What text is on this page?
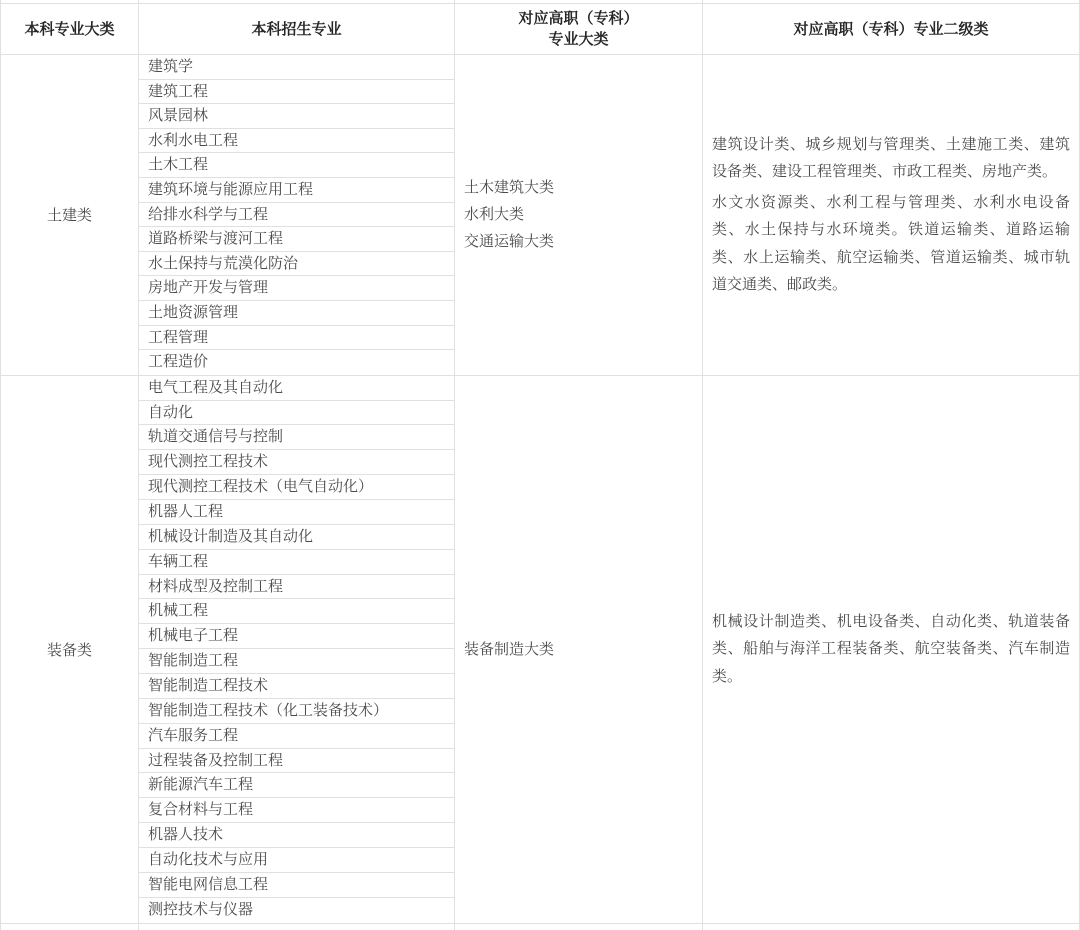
本科专业大类	本科招生专业
对应高职（专科）
专业大类
对应高职（专科）专业二级类
土建类
建筑学
建筑工程
风景园林
水利水电工程
土木工程
建筑环境与能源应用工程
给排水科学与工程
道路桥梁与渡河工程
水土保持与荒漠化防治
房地产开发与管理
土地资源管理
工程管理
工程造价
土木建筑大类
水利大类
交通运输大类

建筑设计类、城乡规划与管理类、土建施工类、建筑设备类、建设工程管理类、市政工程类、房地产类。

水文水资源类、水利工程与管理类、水利水电设备类、水土保持与水环境类。铁道运输类、道路运输类、水上运输类、航空运输类、管道运输类、城市轨道交通类、邮政类。

装备类
电气工程及其自动化
自动化
轨道交通信号与控制
现代测控工程技术
现代测控工程技术（电气自动化）
机器人工程
机械设计制造及其自动化
车辆工程
材料成型及控制工程
机械工程
机械电子工程
智能制造工程
智能制造工程技术
智能制造工程技术（化工装备技术）
汽车服务工程
过程装备及控制工程
新能源汽车工程
复合材料与工程
机器人技术
自动化技术与应用
智能电网信息工程
测控技术与仪器
装备制造大类

机械设计制造类、机电设备类、自动化类、轨道装备类、船舶与海洋工程装备类、航空装备类、汽车制造类。
